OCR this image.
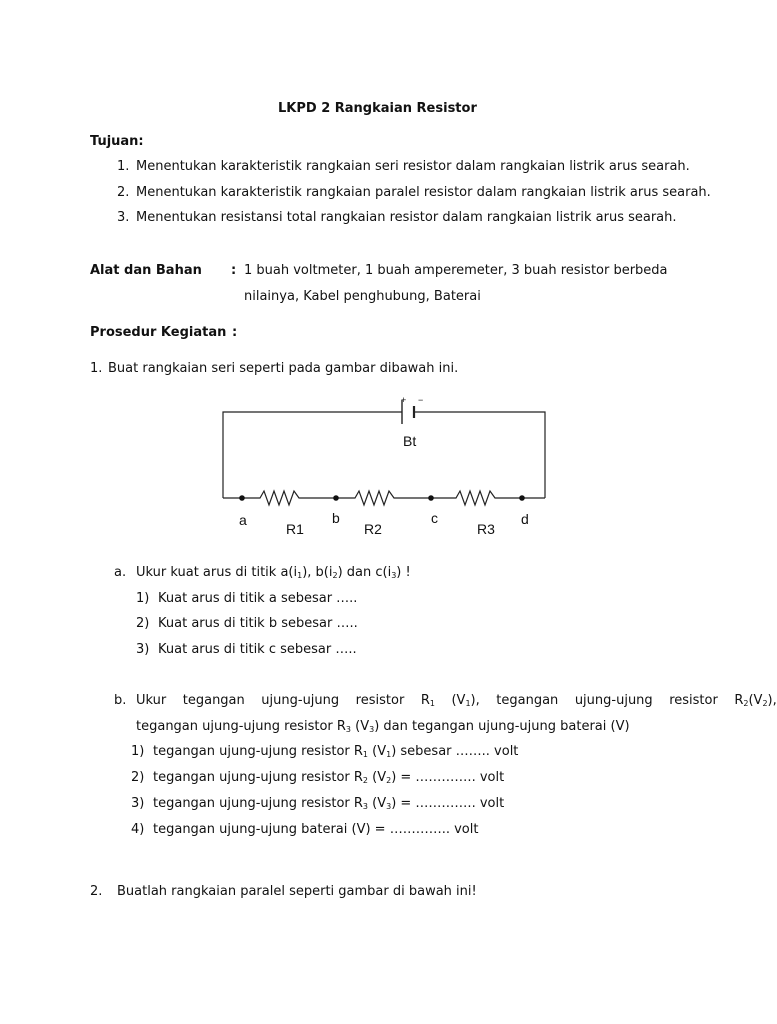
LKPD 2 Rangkaian Resistor
Tujuan:
1. Menentukan karakteristik rangkaian seri resistor dalam rangkaian listrik arus searah.
2. Menentukan karakteristik rangkaian paralel resistor dalam rangkaian listrik arus searah.
3. Menentukan resistansi total rangkaian resistor dalam rangkaian listrik arus searah.
Alat dan Bahan : 1 buah voltmeter, 1 buah amperemeter, 3 buah resistor berbeda
nilainya, Kabel penghubung, Baterai
Prosedur Kegiatan :
1. Buat rangkaian seri seperti pada gambar dibawah ini.
+ −
Bt
a	b	c	d
R1	R2	R3
a. Ukur kuat arus di titik $a(i_1)$, $b(i_2)$ dan $c(i_3)$ !
1) Kuat arus di titik a sebesar …..
2) Kuat arus di titik b sebesar …..
3) Kuat arus di titik c sebesar …..
b. Ukur    tegangan    ujung-ujung    resistor    $R_1$    $(V_1)$,    tegangan    ujung-ujung    resistor    $R_2(V_2)$,
tegangan ujung-ujung resistor $R_3$ $(V_3)$ dan tegangan ujung-ujung baterai (V)
1) tegangan ujung-ujung resistor $R_1$ $(V_1)$ sebesar …….. volt
2) tegangan ujung-ujung resistor $R_2$ $(V_2)$ = ………….. volt
3) tegangan ujung-ujung resistor $R_3$ $(V_3)$ = ………….. volt
4) tegangan ujung-ujung baterai (V) = ………….. volt
2. Buatlah rangkaian paralel seperti gambar di bawah ini!
